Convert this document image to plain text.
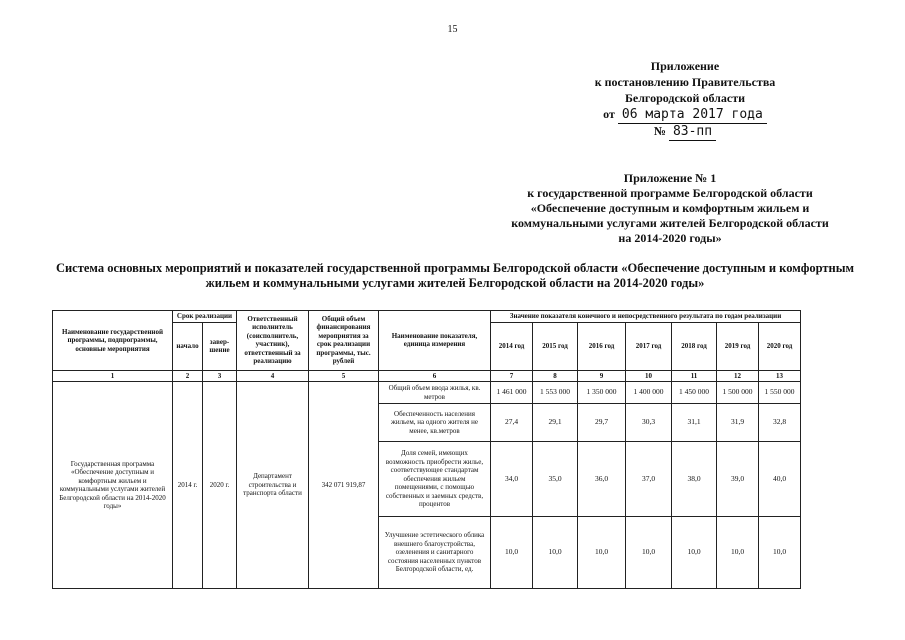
15
Приложение
к постановлению Правительства
Белгородской области
от 06 марта 2017 года
№ 83-пп
Приложение № 1
к государственной программе Белгородской области
«Обеспечение доступным и комфортным жильем и
коммунальными услугами жителей Белгородской области
на 2014-2020 годы»
Система основных мероприятий и показателей государственной программы Белгородской области «Обеспечение доступным и комфортным
жильем и коммунальными услугами жителей Белгородской области на 2014-2020 годы»
Наименование государственной программы, подпрограммы, основные мероприятия	Срок реализации		Ответственный исполнитель (соисполнитель, участник), ответственный за реализацию	Общий объем финансирования мероприятия за срок реализации программы, тыс. рублей	Наименование показателя, единица измерения	Значение показателя конечного и непосредственного результата по годам реализации						
	начало	завер-шение				2014 год	2015 год	2016 год	2017 год	2018 год	2019 год	2020 год
1	2	3	4	5	6	7	8	9	10	11	12	13
Государственная программа «Обеспечение доступным и комфортным жильем и коммунальными услугами жителей Белгородской области на 2014-2020 годы»	2014 г.	2020 г.	Департамент строительства и транспорта области	342 071 919,87	Общий объем ввода жилья, кв. метров	1 461 000	1 553 000	1 350 000	1 400 000	1 450 000	1 500 000	1 550 000
					Обеспеченность населения жильем, на одного жителя не менее, кв.метров	27,4	29,1	29,7	30,3	31,1	31,9	32,8
					Доля семей, имеющих возможность приобрести жилье, соответствующее стандартам обеспечения жильем помещениями, с помощью собственных и заемных средств, процентов	34,0	35,0	36,0	37,0	38,0	39,0	40,0
					Улучшение эстетического облика внешнего благоустройства, озеленения и санитарного состояния населенных пунктов Белгородской области, ед.	10,0	10,0	10,0	10,0	10,0	10,0	10,0
